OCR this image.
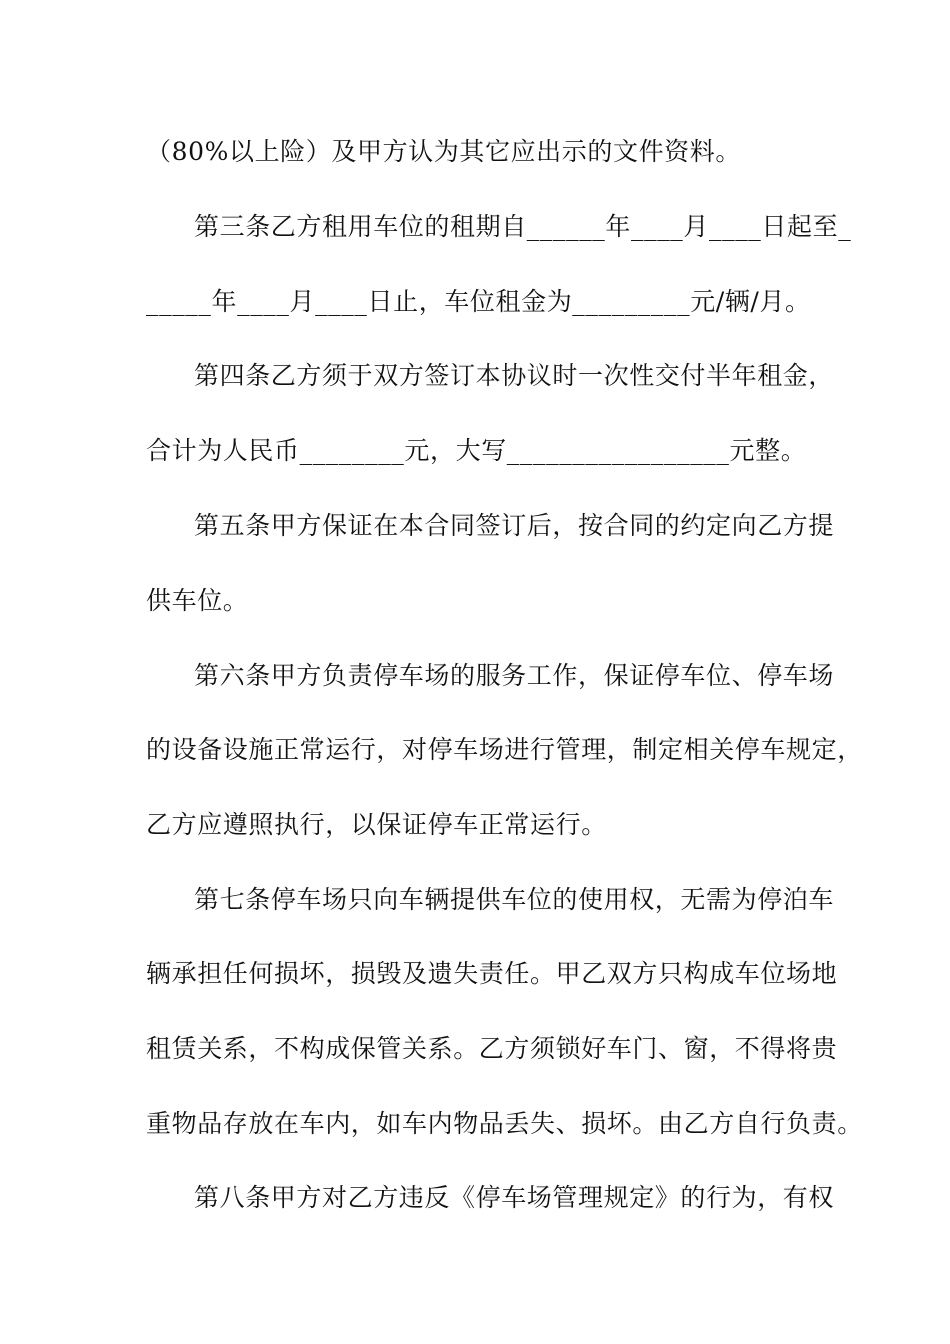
（80%以上险）及甲方认为其它应出示的文件资料。

第三条乙方租用车位的租期自______年____月____日起至_

_____年____月____日止，车位租金为_________元/辆/月。

第四条乙方须于双方签订本协议时一次性交付半年租金，

合计为人民币________元，大写_________________元整。

第五条甲方保证在本合同签订后，按合同的约定向乙方提

供车位。

第六条甲方负责停车场的服务工作，保证停车位、停车场

的设备设施正常运行，对停车场进行管理，制定相关停车规定，

乙方应遵照执行，以保证停车正常运行。

第七条停车场只向车辆提供车位的使用权，无需为停泊车

辆承担任何损坏，损毁及遗失责任。甲乙双方只构成车位场地

租赁关系，不构成保管关系。乙方须锁好车门、窗，不得将贵

重物品存放在车内，如车内物品丢失、损坏。由乙方自行负责。

第八条甲方对乙方违反《停车场管理规定》的行为，有权
